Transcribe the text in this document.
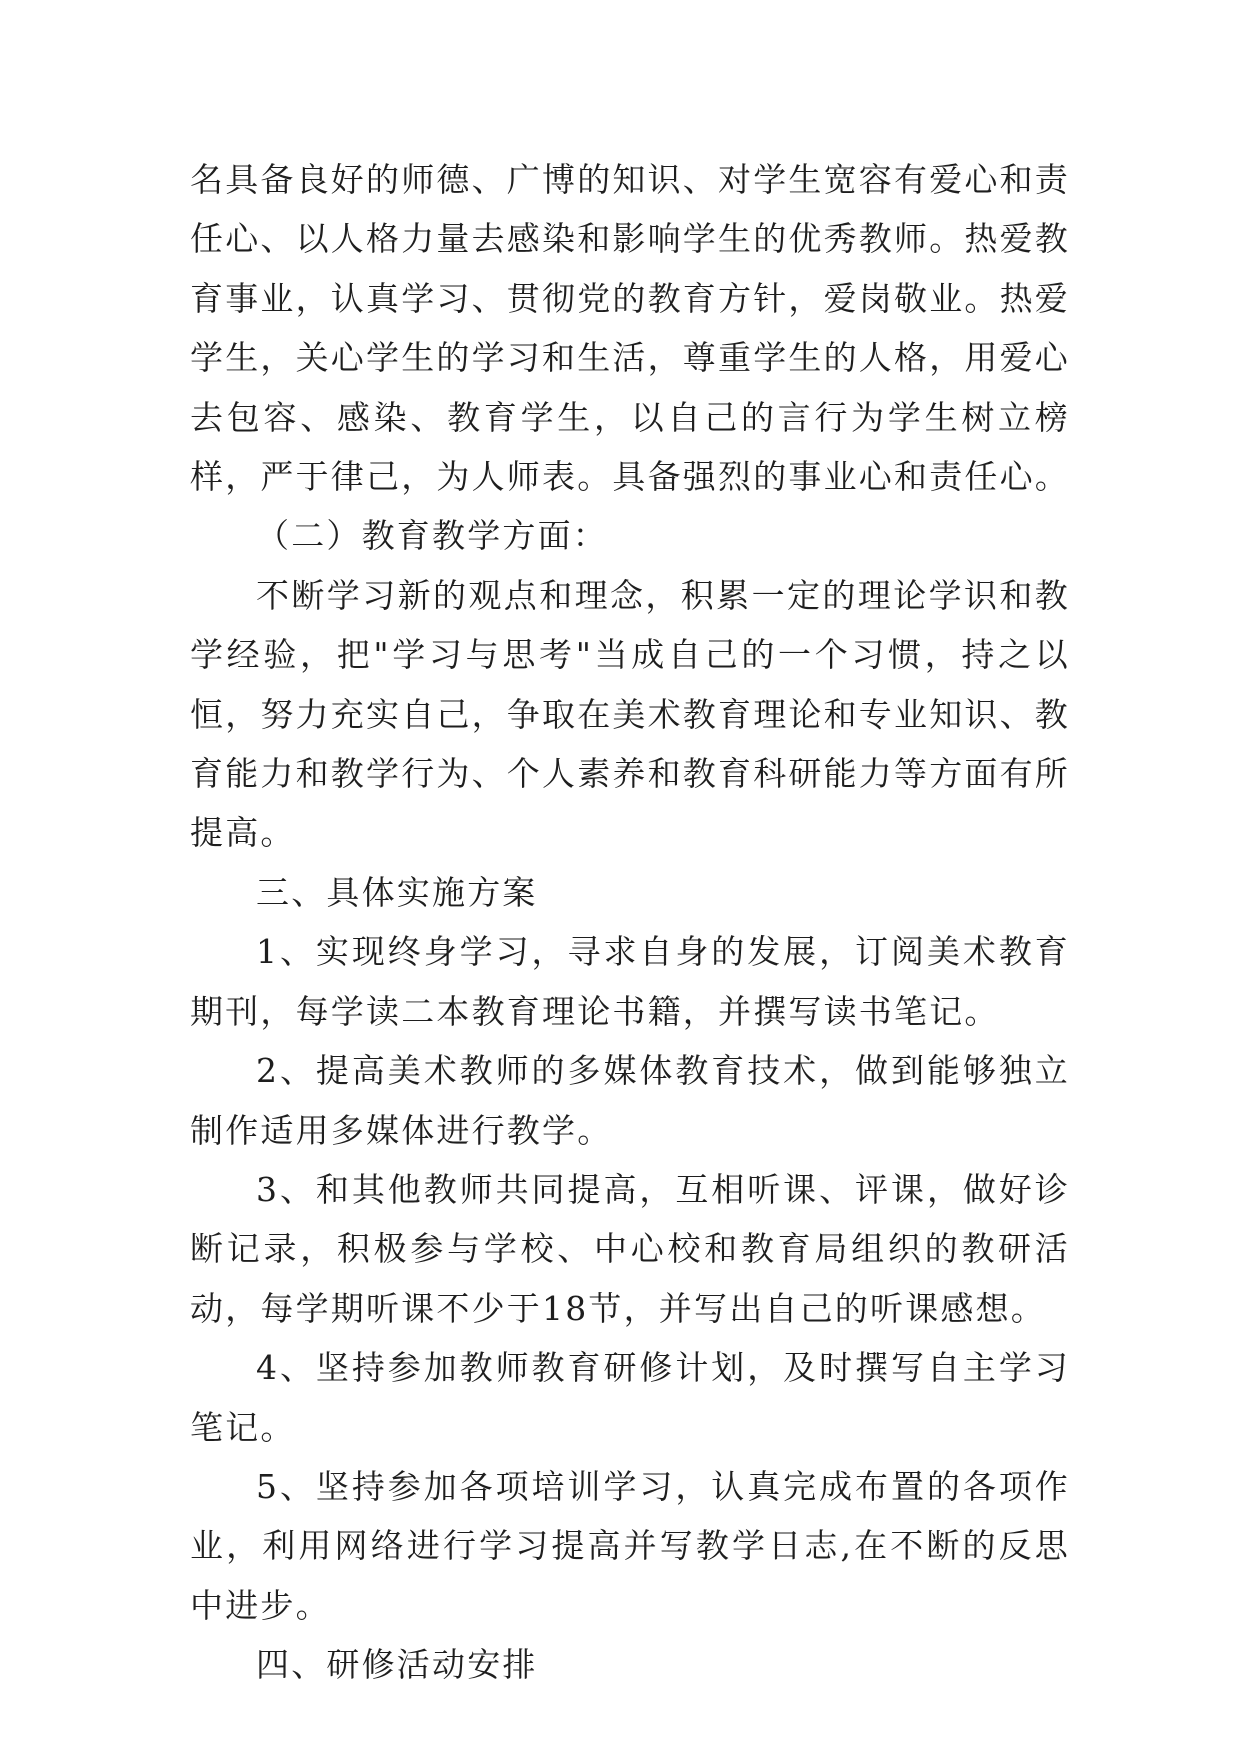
名具备良好的师德、广博的知识、对学生宽容有爱心和责任心、以人格力量去感染和影响学生的优秀教师。热爱教育事业，认真学习、贯彻党的教育方针，爱岗敬业。热爱学生，关心学生的学习和生活，尊重学生的人格，用爱心去包容、感染、教育学生，以自己的言行为学生树立榜样，严于律己，为人师表。具备强烈的事业心和责任心。

（二）教育教学方面：

不断学习新的观点和理念，积累一定的理论学识和教学经验，把"学习与思考"当成自己的一个习惯，持之以恒，努力充实自己，争取在美术教育理论和专业知识、教育能力和教学行为、个人素养和教育科研能力等方面有所提高。

三、具体实施方案

1、实现终身学习，寻求自身的发展，订阅美术教育期刊，每学读二本教育理论书籍，并撰写读书笔记。

2、提高美术教师的多媒体教育技术，做到能够独立制作适用多媒体进行教学。

3、和其他教师共同提高，互相听课、评课，做好诊断记录，积极参与学校、中心校和教育局组织的教研活动，每学期听课不少于18节，并写出自己的听课感想。

4、坚持参加教师教育研修计划，及时撰写自主学习笔记。

5、坚持参加各项培训学习，认真完成布置的各项作业，利用网络进行学习提高并写教学日志,在不断的反思中进步。

四、研修活动安排
